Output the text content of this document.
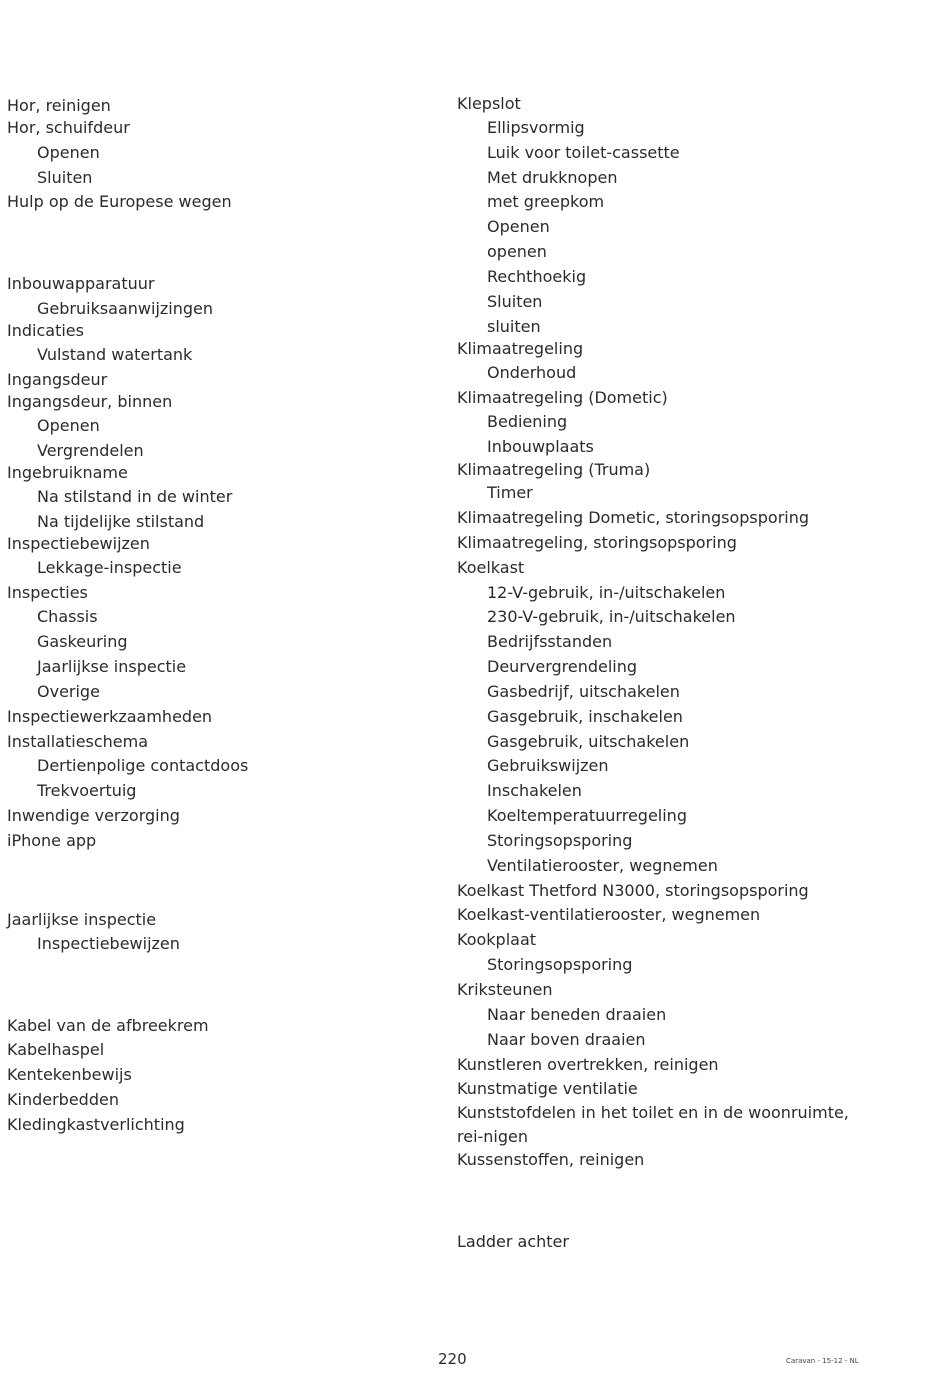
Hor, reinigen
Hor, schuifdeur
Openen
Sluiten
Hulp op de Europese wegen
Inbouwapparatuur
Gebruiksaanwijzingen
Indicaties
Vulstand watertank
Ingangsdeur
Ingangsdeur, binnen
Openen
Vergrendelen
Ingebruikname
Na stilstand in de winter
Na tijdelijke stilstand
Inspectiebewijzen
Lekkage-inspectie
Inspecties
Chassis
Gaskeuring
Jaarlijkse inspectie
Overige
Inspectiewerkzaamheden
Installatieschema
Dertienpolige contactdoos
Trekvoertuig
Inwendige verzorging
iPhone app
Jaarlijkse inspectie
Inspectiebewijzen
Kabel van de afbreekrem
Kabelhaspel
Kentekenbewijs
Kinderbedden
Kledingkastverlichting
Klepslot
Ellipsvormig
Luik voor toilet-cassette
Met drukknopen
met greepkom
Openen
openen
Rechthoekig
Sluiten
sluiten
Klimaatregeling
Onderhoud
Klimaatregeling (Dometic)
Bediening
Inbouwplaats
Klimaatregeling (Truma)
Timer
Klimaatregeling Dometic, storingsopsporing
Klimaatregeling, storingsopsporing
Koelkast
12-V-gebruik, in-/uitschakelen
230-V-gebruik, in-/uitschakelen
Bedrijfsstanden
Deurvergrendeling
Gasbedrijf, uitschakelen
Gasgebruik, inschakelen
Gasgebruik, uitschakelen
Gebruikswijzen
Inschakelen
Koeltemperatuurregeling
Storingsopsporing
Ventilatierooster, wegnemen
Koelkast Thetford N3000, storingsopsporing
Koelkast-ventilatierooster, wegnemen
Kookplaat
Storingsopsporing
Kriksteunen
Naar beneden draaien
Naar boven draaien
Kunstleren overtrekken, reinigen
Kunstmatige ventilatie
Kunststofdelen in het toilet en in de woonruimte, rei-nigen
Kussenstoffen, reinigen
Ladder achter
220	Caravan - 15-12 - NL
